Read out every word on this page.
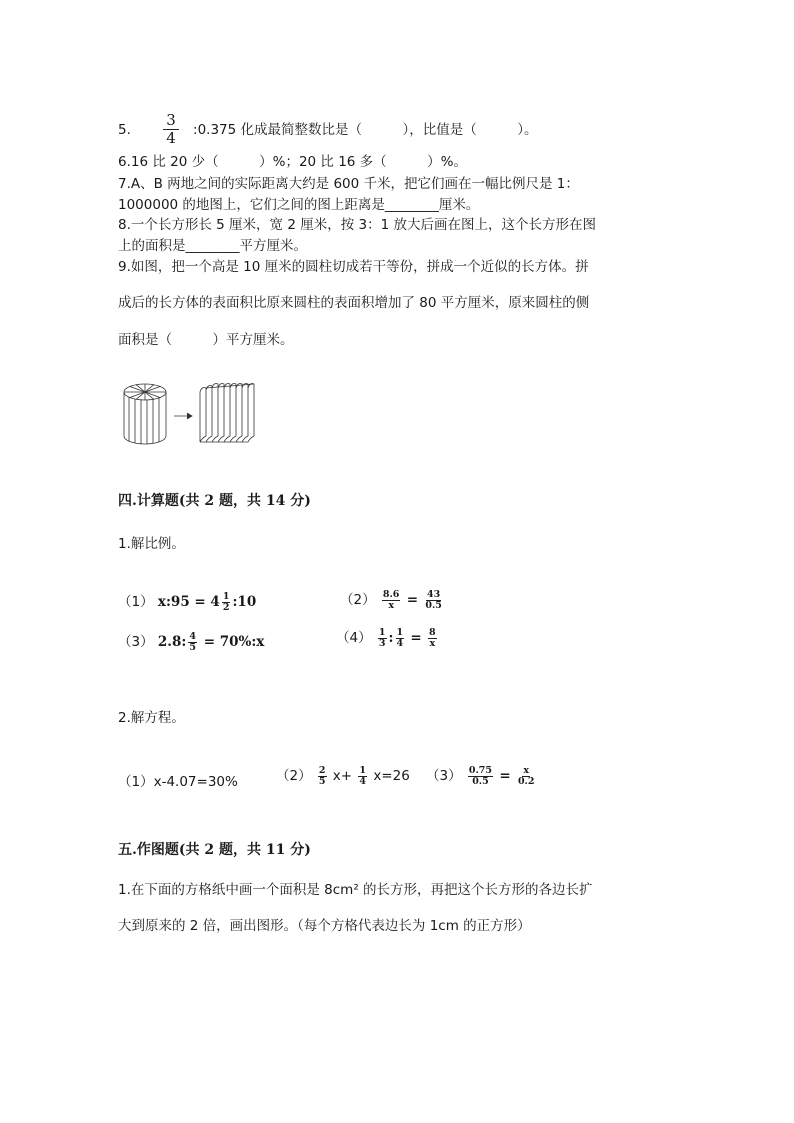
5. $\frac{3}{4}$ :0.375 化成最简整数比是（　　　），比值是（　　　）。
6.16 比 20 少（　　　）%；20 比 16 多（　　　）%。
7.A、B 两地之间的实际距离大约是 600 千米，把它们画在一幅比例尺是 1：
1000000 的地图上，它们之间的图上距离是________厘米。
8.一个长方形长 5 厘米，宽 2 厘米，按 3：1 放大后画在图上，这个长方形在图
上的面积是________平方厘米。
9.如图，把一个高是 10 厘米的圆柱切成若干等份，拼成一个近似的长方体。拼
成后的长方体的表面积比原来圆柱的表面积增加了 80 平方厘米，原来圆柱的侧
面积是（　　　）平方厘米。
四.计算题(共 2 题，共 14 分)
1.解比例。
（1） x:95 = $4 \frac{1}{2}$ :10	$(2) \frac{8.6}{x} = \frac{43}{0.5}$
（3） 2.8: $\frac{4}{5}$ = 70%:x	$(4) \frac{1}{3}$ : $\frac{1}{4} = \frac{8}{x}$
2.解方程。
（1）x-4.07=30%	$(2) \frac{2}{5} x+ \frac{1}{4} x=26$ $(3) \frac{0.75}{0.5} = \frac{x}{0.2}$
五.作图题(共 2 题，共 11 分)
1.在下面的方格纸中画一个面积是 8cm² 的长方形，再把这个长方形的各边长扩
大到原来的 2 倍，画出图形。（每个方格代表边长为 1cm 的正方形）
